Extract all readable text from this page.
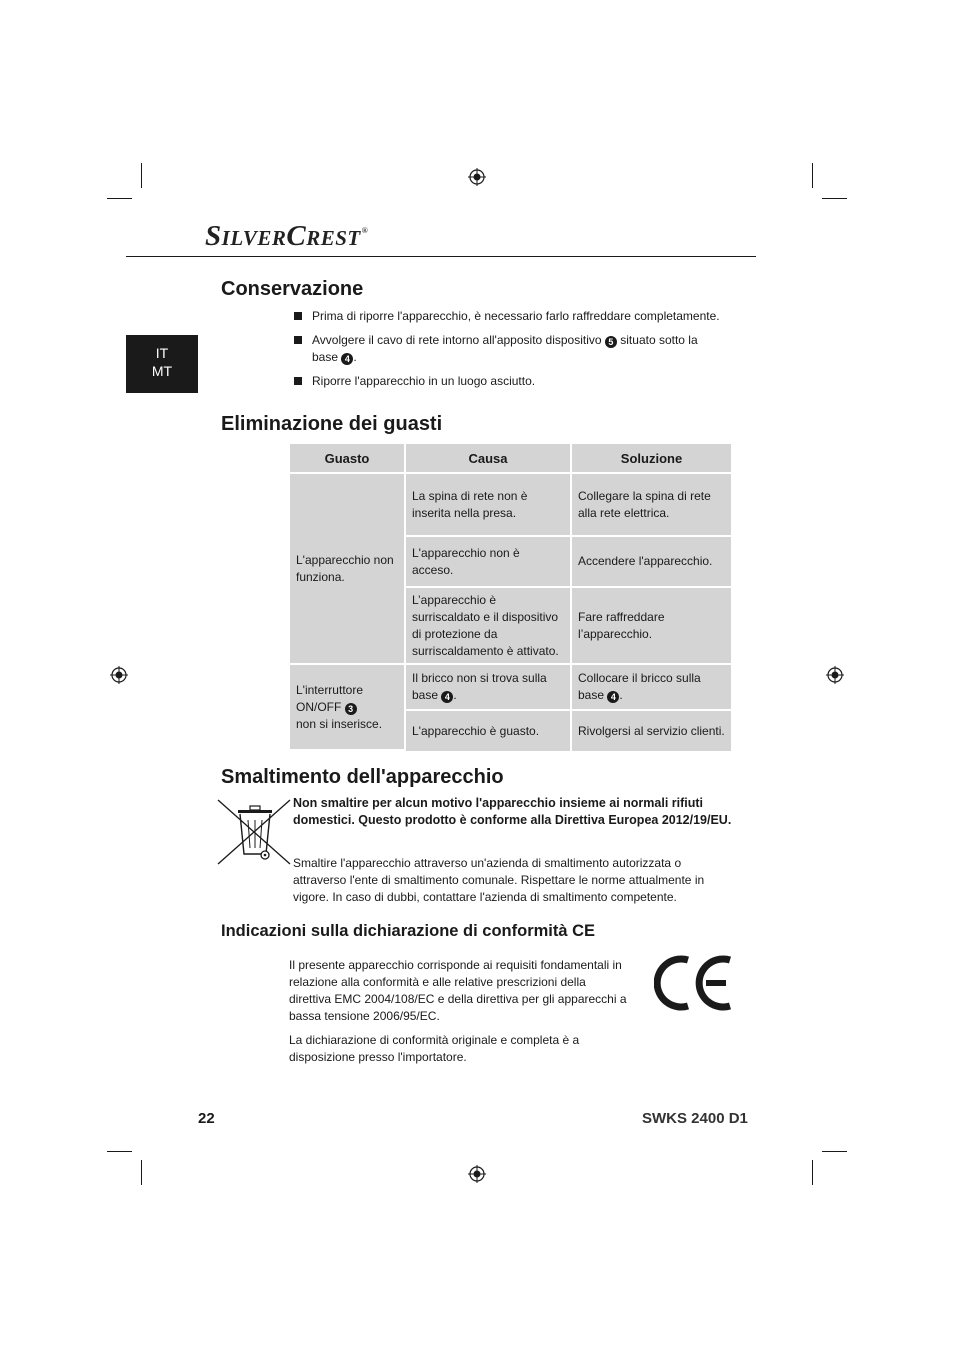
SILVERCREST®
IT
MT
Conservazione
Prima di riporre l'apparecchio, è necessario farlo raffreddare completamente.
Avvolgere il cavo di rete intorno all'apposito dispositivo 5 situato sotto la
base 4 .
Riporre l'apparecchio in un luogo asciutto.
Eliminazione dei guasti
Guasto	Causa	Soluzione
L'apparecchio non funziona.	La spina di rete non è inserita nella presa.	Collegare la spina di rete alla rete elettrica.
	L'apparecchio non è acceso.	Accendere l'apparecchio.
	L’apparecchio è surriscaldato e il dispositivo di protezione da surriscaldamento è attivato.	Fare raffreddare l’apparecchio.
L'interruttore
ON/OFF 3
non si inserisce.	Il bricco non si trova sulla base 4 .	Collocare il bricco sulla base 4 .
	L'apparecchio è guasto.	Rivolgersi al servizio clienti.
Smaltimento dell'apparecchio
Non smaltire per alcun motivo l'apparecchio insieme ai normali rifiuti domestici. Questo prodotto è conforme alla Direttiva Europea 2012/19/EU.
Smaltire l'apparecchio attraverso un'azienda di smaltimento autorizzata o attraverso l'ente di smaltimento comunale. Rispettare le norme attualmente in vigore. In caso di dubbi, contattare l'azienda di smaltimento competente.
Indicazioni sulla dichiarazione di conformità CE
Il presente apparecchio corrisponde ai requisiti fondamentali in relazione alla conformità e alle relative prescrizioni della direttiva EMC 2004/108/EC e della direttiva per gli apparecchi a bassa tensione 2006/95/EC.
La dichiarazione di conformità originale e completa è a disposizione presso l'importatore.
22	SWKS 2400 D1
